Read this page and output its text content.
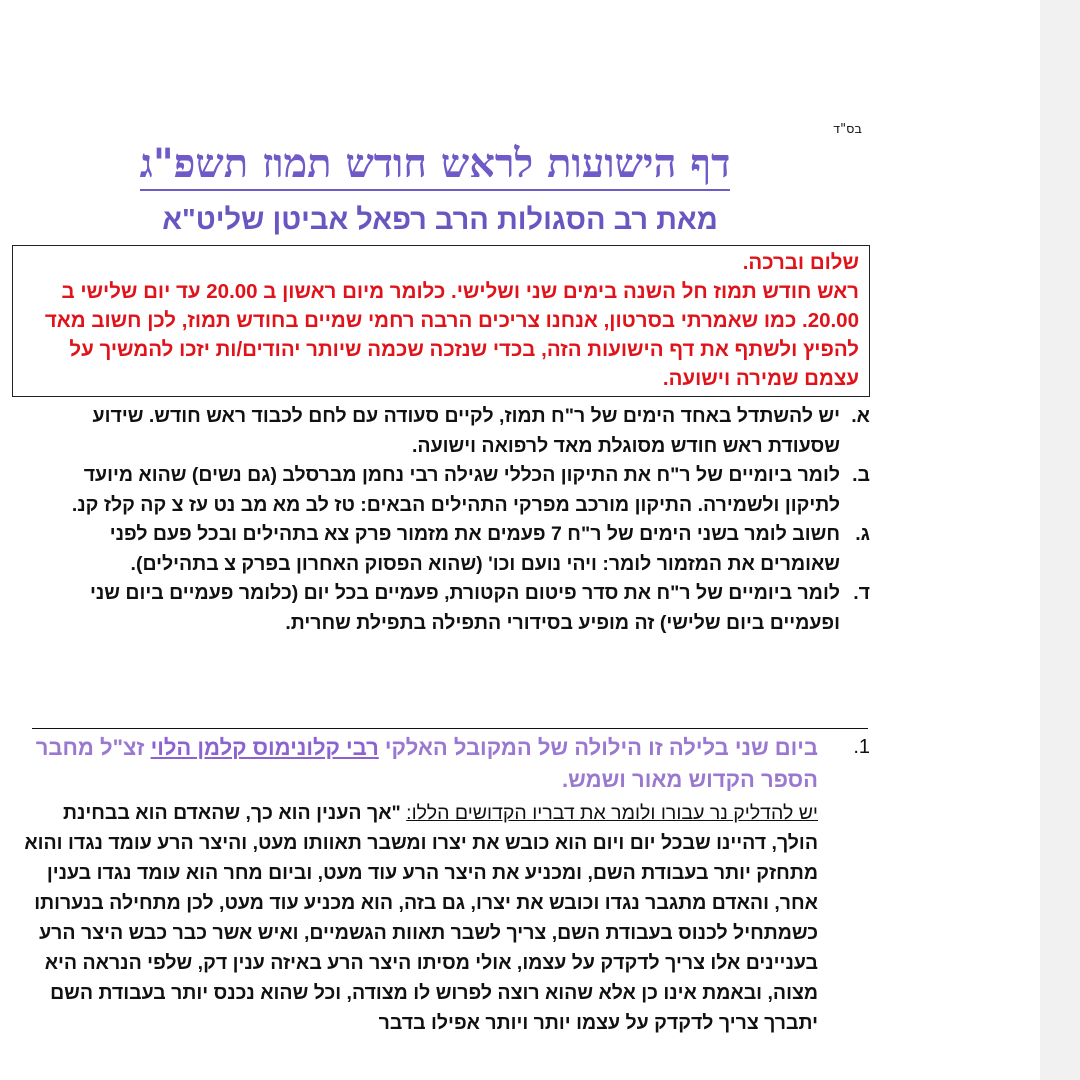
בס"ד
דף הישועות לראש חודש תמוז תשפ"ג
מאת רב הסגולות הרב רפאל אביטן שליט"א

שלום וברכה.

ראש חודש תמוז חל השנה בימים שני ושלישי. כלומר מיום ראשון ב 20.00 עד יום שלישי ב 20.00. כמו שאמרתי בסרטון, אנחנו צריכים הרבה רחמי שמיים בחודש תמוז, לכן חשוב מאד להפיץ ולשתף את דף הישועות הזה, בכדי שנזכה שכמה שיותר יהודים/ות יזכו להמשיך על עצמם שמירה וישועה.

א.
יש להשתדל באחד הימים של ר"ח תמוז, לקיים סעודה עם לחם לכבוד ראש חודש. שידוע שסעודת ראש חודש מסוגלת מאד לרפואה וישועה.
ב.
לומר ביומיים של ר"ח את התיקון הכללי שגילה רבי נחמן מברסלב (גם נשים) שהוא מיועד לתיקון ולשמירה. התיקון מורכב מפרקי התהילים הבאים: טז לב מא מב נט עז צ קה קלז קנ.
ג.
חשוב לומר בשני הימים של ר"ח 7 פעמים את מזמור פרק צא בתהילים ובכל פעם לפני שאומרים את המזמור לומר: ויהי נועם וכו' (שהוא הפסוק האחרון בפרק צ בתהילים).
ד.
לומר ביומיים של ר"ח את סדר פיטום הקטורת, פעמיים בכל יום (כלומר פעמיים ביום שני ופעמיים ביום שלישי) זה מופיע בסידורי התפילה בתפילת שחרית.
1.
ביום שני בלילה זו הילולה של המקובל האלקי רבי קלונימוס קלמן הלוי זצ"ל מחבר הספר הקדוש מאור ושמש.
יש להדליק נר עבורו ולומר את דבריו הקדושים הללו: "אך הענין הוא כך, שהאדם הוא בבחינת הולך, דהיינו שבכל יום ויום הוא כובש את יצרו ומשבר תאוותו מעט, והיצר הרע עומד נגדו והוא מתחזק יותר בעבודת השם, ומכניע את היצר הרע עוד מעט, וביום מחר הוא עומד נגדו בענין אחר, והאדם מתגבר נגדו וכובש את יצרו, גם בזה, הוא מכניע עוד מעט, לכן מתחילה בנערותו כשמתחיל לכנוס בעבודת השם, צריך לשבר תאוות הגשמיים, ואיש אשר כבר כבש היצר הרע בעניינים אלו צריך לדקדק על עצמו, אולי מסיתו היצר הרע באיזה ענין דק, שלפי הנראה היא מצוה, ובאמת אינו כן אלא שהוא רוצה לפרוש לו מצודה, וכל שהוא נכנס יותר בעבודת השם יתברך צריך לדקדק על עצמו יותר ויותר אפילו בדבר
